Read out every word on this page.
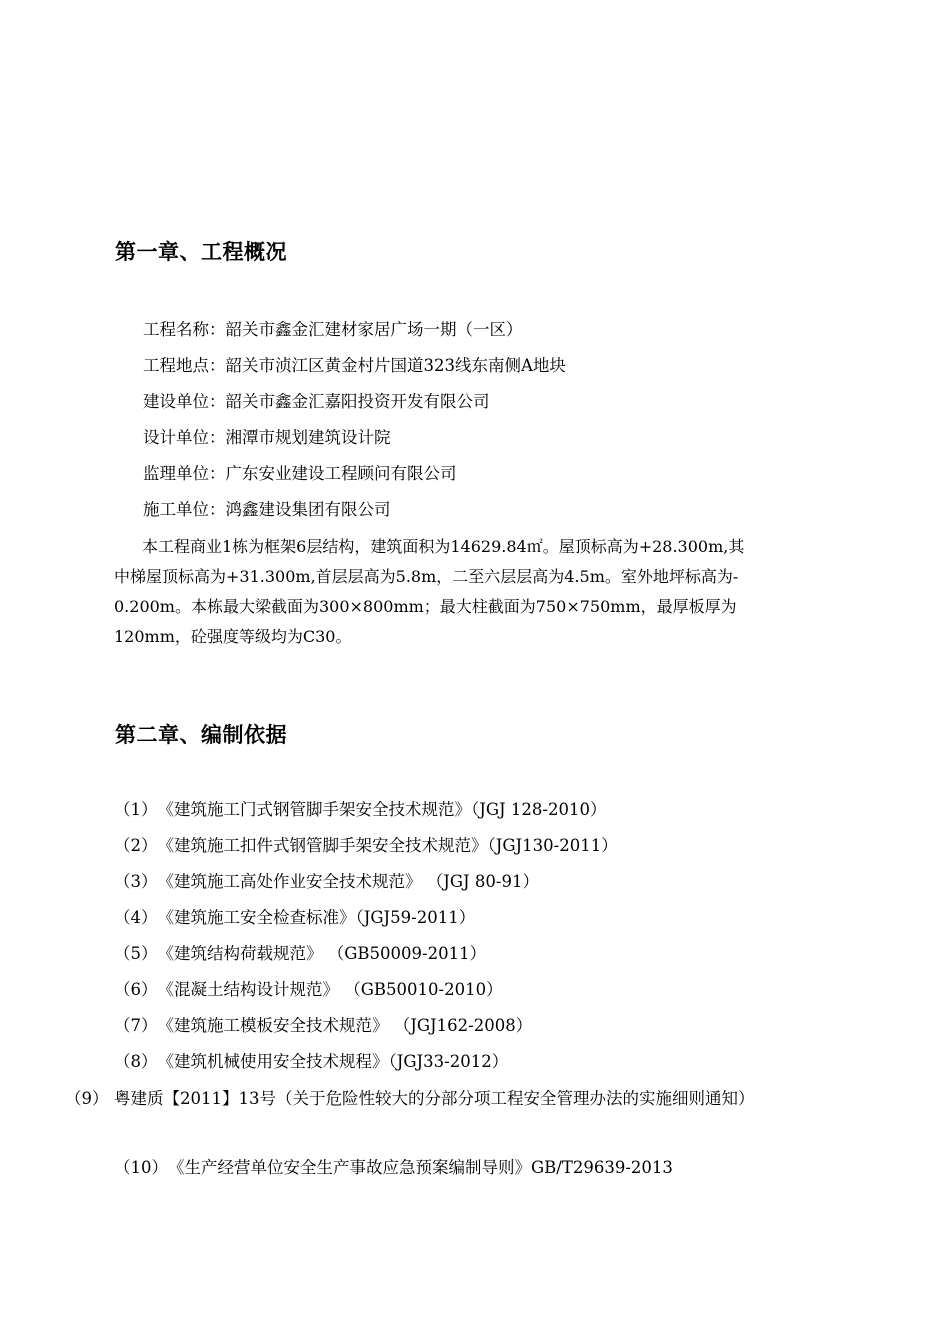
第一章、工程概况
工程名称：韶关市鑫金汇建材家居广场一期（一区）
工程地点：韶关市浈江区黄金村片国道323线东南侧A地块
建设单位：韶关市鑫金汇嘉阳投资开发有限公司
设计单位：湘潭市规划建筑设计院
监理单位：广东安业建设工程顾问有限公司
施工单位：鸿鑫建设集团有限公司

本工程商业1栋为框架6层结构，建筑面积为14629.84㎡。屋顶标高为+28.300m,其
中梯屋顶标高为+31.300m,首层层高为5.8m，二至六层层高为4.5m。室外地坪标高为-
0.200m。本栋最大梁截面为300×800mm；最大柱截面为750×750mm，最厚板厚为
120mm，砼强度等级均为C30。

第二章、编制依据
（1）《建筑施工门式钢管脚手架安全技术规范》（JGJ 128-2010）
（2）《建筑施工扣件式钢管脚手架安全技术规范》（JGJ130-2011）
（3）《建筑施工高处作业安全技术规范》 （JGJ 80-91）
（4）《建筑施工安全检查标准》（JGJ59-2011）
（5）《建筑结构荷载规范》 （GB50009-2011）
（6）《混凝土结构设计规范》 （GB50010-2010）
（7）《建筑施工模板安全技术规范》 （JGJ162-2008）
（8）《建筑机械使用安全技术规程》（JGJ33-2012）
（9） 粤建质【2011】13号（关于危险性较大的分部分项工程安全管理办法的实施细则通知）
（10）《生产经营单位安全生产事故应急预案编制导则》GB/T29639-2013
